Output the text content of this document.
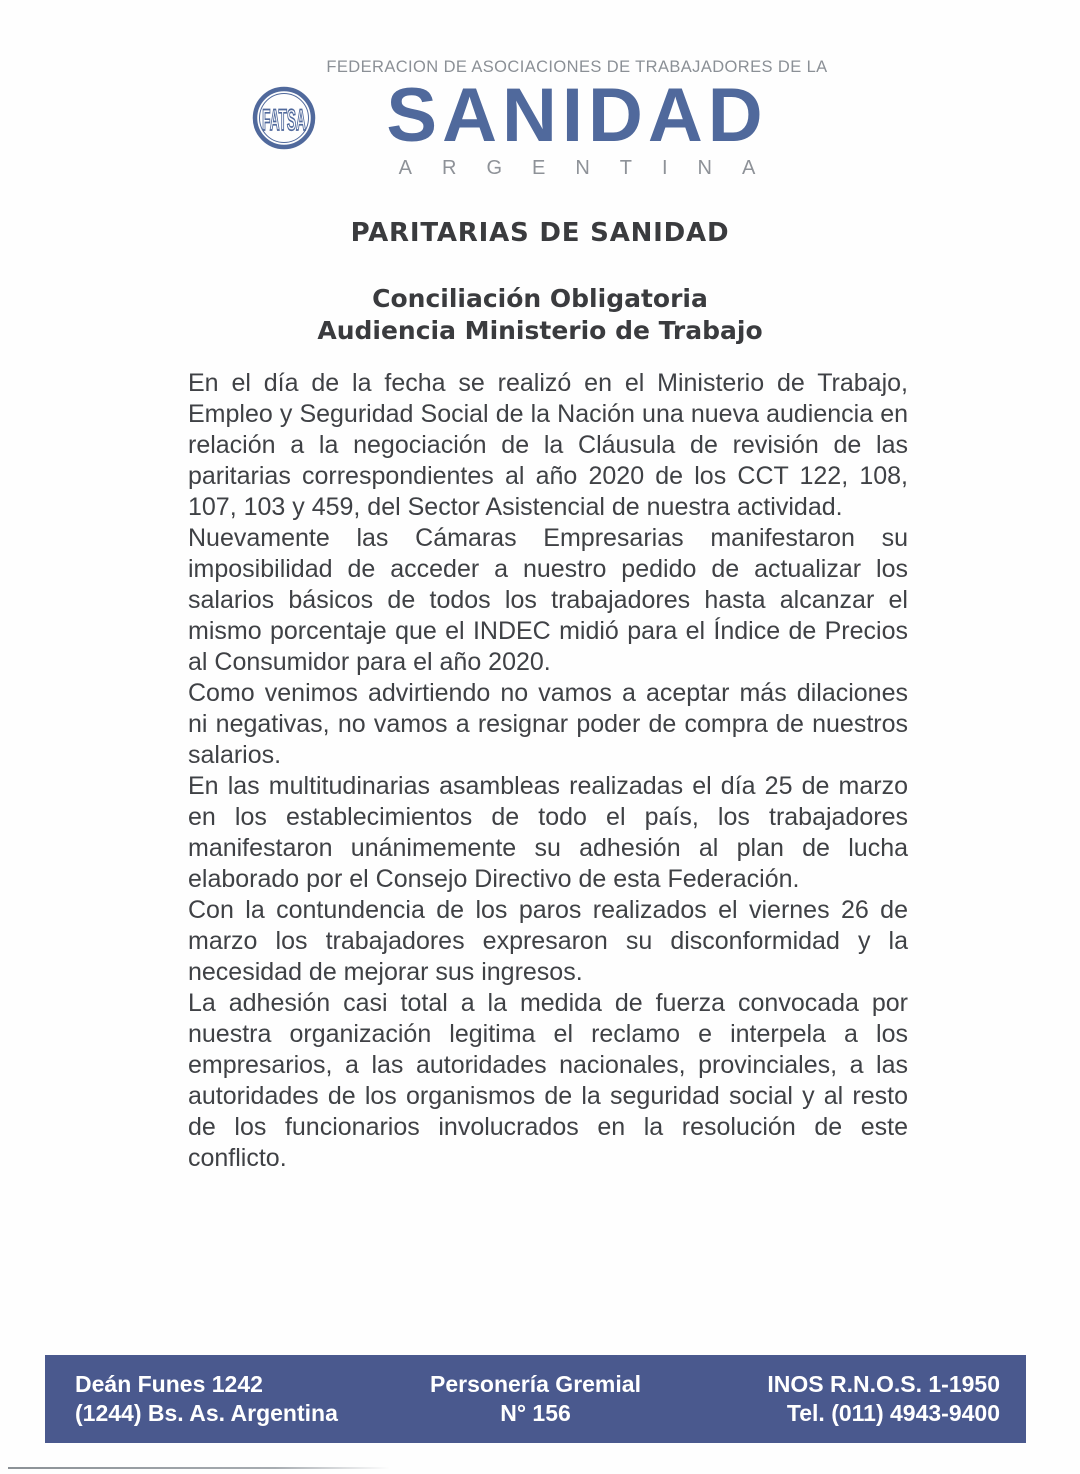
FATSA
FEDERACION DE ASOCIACIONES DE TRABAJADORES DE LA
SANIDAD
ARGENTINA
PARITARIAS DE SANIDAD
Conciliación Obligatoria
Audiencia Ministerio de Trabajo

En el día de la fecha se realizó en el Ministerio de Trabajo, Empleo y Seguridad Social de la Nación una nueva audiencia en relación a la negociación de la Cláusula de revisión de las paritarias correspondientes al año 2020 de los CCT 122, 108, 107, 103 y 459, del Sector Asistencial de nuestra actividad.

Nuevamente las Cámaras Empresarias manifestaron su imposibilidad de acceder a nuestro pedido de actualizar los salarios básicos de todos los trabajadores hasta alcanzar el mismo porcentaje que el INDEC midió para el Índice de Precios al Consumidor para el año 2020.

Como venimos advirtiendo no vamos a aceptar más dilaciones ni negativas, no vamos a resignar poder de compra de nuestros salarios.

En las multitudinarias asambleas realizadas el día 25 de marzo en los establecimientos de todo el país, los trabajadores manifestaron unánimemente su adhesión al plan de lucha elaborado por el Consejo Directivo de esta Federación.

Con la contundencia de los paros realizados el viernes 26 de marzo los trabajadores expresaron su disconformidad y la necesidad de mejorar sus ingresos.

La adhesión casi total a la medida de fuerza convocada por nuestra organización legitima el reclamo e interpela a los empresarios, a las autoridades nacionales, provinciales, a las autoridades de los organismos de la seguridad social y al resto de los funcionarios involucrados en la resolución de este conflicto.

Deán Funes 1242
(1244) Bs. As. Argentina
Personería Gremial
N° 156
INOS R.N.O.S. 1-1950
Tel. (011) 4943-9400
